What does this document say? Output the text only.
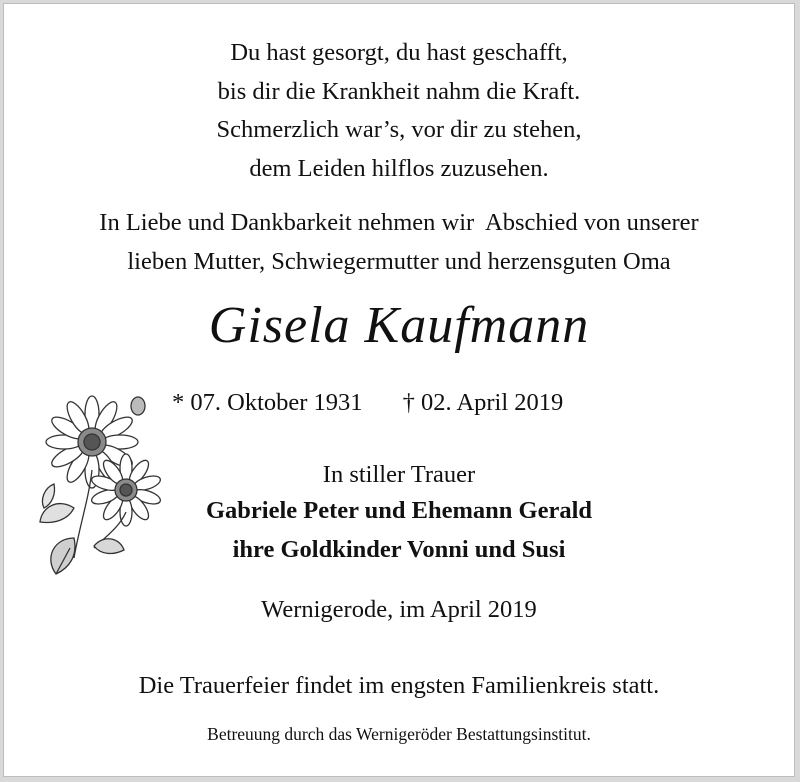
Du hast gesorgt, du hast geschafft,
bis dir die Krankheit nahm die Kraft.
Schmerzlich war’s, vor dir zu stehen,
dem Leiden hilflos zuzusehen.
In Liebe und Dankbarkeit nehmen wir  Abschied von unserer
lieben Mutter, Schwiegermutter und herzensguten Oma
Gisela Kaufmann
* 07. Oktober 1931 † 02. April 2019
In stiller Trauer
Gabriele Peter und Ehemann Gerald
ihre Goldkinder Vonni und Susi
Wernigerode, im April 2019
Die Trauerfeier findet im engsten Familienkreis statt.
Betreuung durch das Wernigeröder Bestattungsinstitut.
